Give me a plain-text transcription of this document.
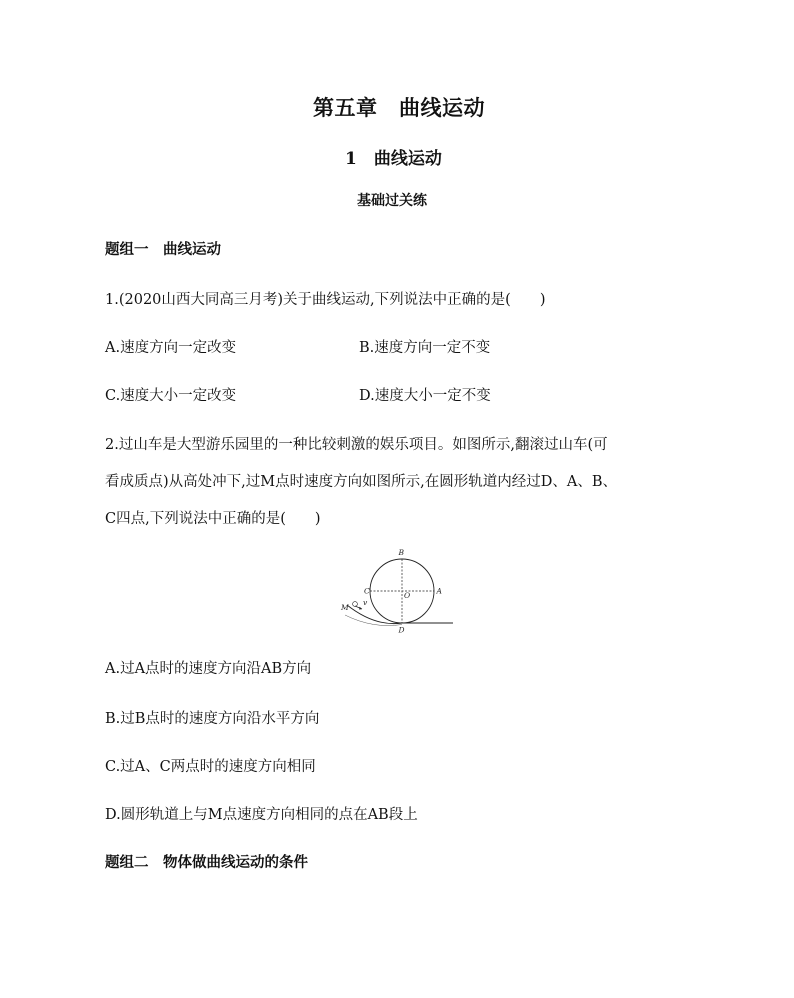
第五章　曲线运动
1　曲线运动
基础过关练
题组一　曲线运动
1.(2020山西大同高三月考)关于曲线运动,下列说法中正确的是(　　)
A.速度方向一定改变	B.速度方向一定不变
C.速度大小一定改变	D.速度大小一定不变
2.过山车是大型游乐园里的一种比较刺激的娱乐项目。如图所示,翻滚过山车(可
看成质点)从高处冲下,过M点时速度方向如图所示,在圆形轨道内经过D、A、B、
C四点,下列说法中正确的是(　　)
B
A
C	O
D
M
v
A.过A点时的速度方向沿AB方向
B.过B点时的速度方向沿水平方向
C.过A、C两点时的速度方向相同
D.圆形轨道上与M点速度方向相同的点在AB段上
题组二　物体做曲线运动的条件
